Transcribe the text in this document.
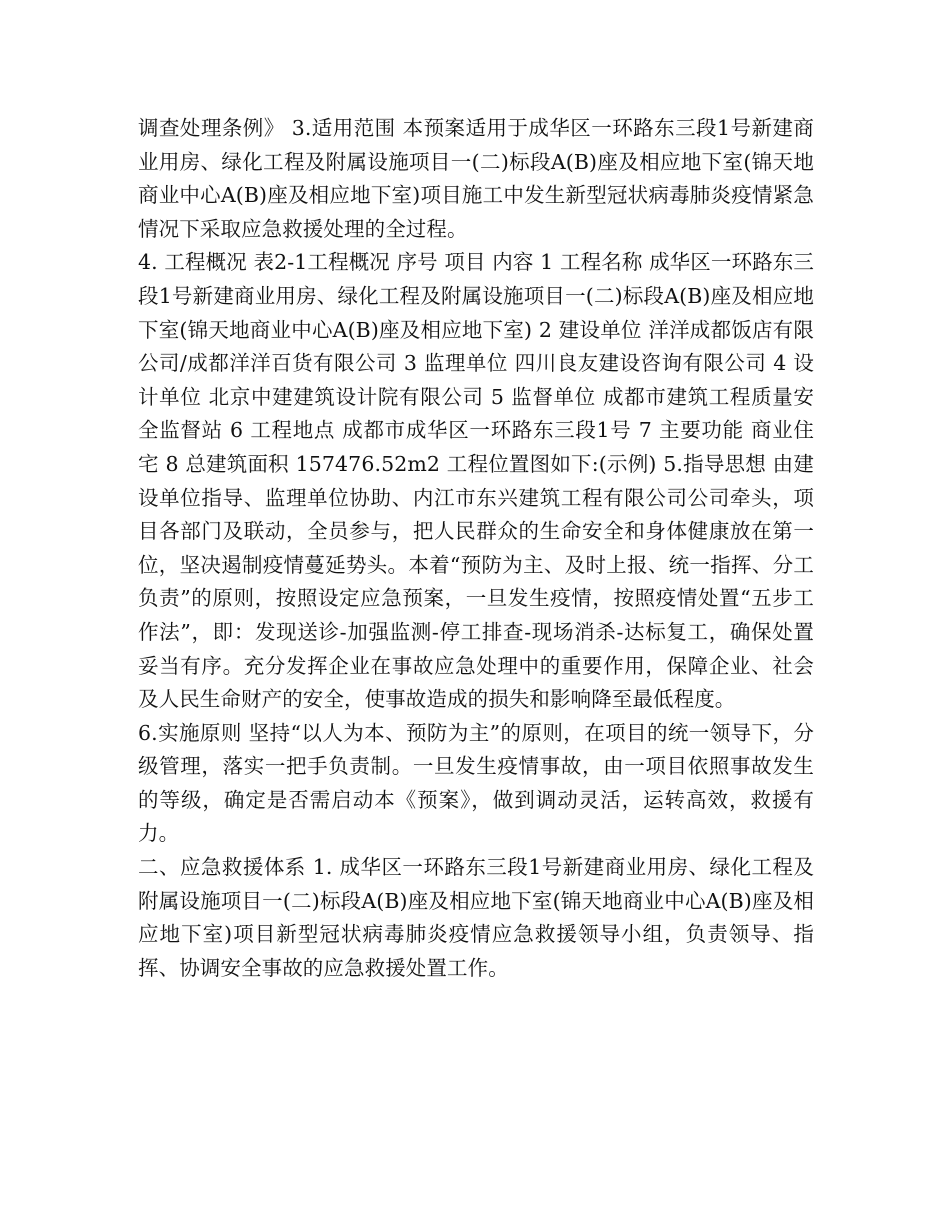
调查处理条例》 3.适用范围 本预案适用于成华区一环路东三段1号新建商业用房、绿化工程及附属设施项目一(二)标段A(B)座及相应地下室(锦天地商业中心A(B)座及相应地下室)项目施工中发生新型冠状病毒肺炎疫情紧急情况下采取应急救援处理的全过程。

4. 工程概况 表2-1工程概况 序号 项目 内容 1 工程名称 成华区一环路东三段1号新建商业用房、绿化工程及附属设施项目一(二)标段A(B)座及相应地下室(锦天地商业中心A(B)座及相应地下室) 2 建设单位 洋洋成都饭店有限公司/成都洋洋百货有限公司 3 监理单位 四川良友建设咨询有限公司 4 设计单位 北京中建建筑设计院有限公司 5 监督单位 成都市建筑工程质量安全监督站 6 工程地点 成都市成华区一环路东三段1号 7 主要功能 商业住宅 8 总建筑面积 157476.52m2 工程位置图如下:(示例) 5.指导思想 由建设单位指导、监理单位协助、内江市东兴建筑工程有限公司公司牵头，项目各部门及联动，全员参与，把人民群众的生命安全和身体健康放在第一位，坚决遏制疫情蔓延势头。本着“预防为主、及时上报、统一指挥、分工负责”的原则，按照设定应急预案，一旦发生疫情，按照疫情处置“五步工作法”，即：发现送诊-加强监测-停工排查-现场消杀-达标复工，确保处置妥当有序。充分发挥企业在事故应急处理中的重要作用，保障企业、社会及人民生命财产的安全，使事故造成的损失和影响降至最低程度。

6.实施原则 坚持“以人为本、预防为主”的原则，在项目的统一领导下，分级管理，落实一把手负责制。一旦发生疫情事故，由一项目依照事故发生的等级，确定是否需启动本《预案》，做到调动灵活，运转高效，救援有力。

二、应急救援体系 1. 成华区一环路东三段1号新建商业用房、绿化工程及附属设施项目一(二)标段A(B)座及相应地下室(锦天地商业中心A(B)座及相应地下室)项目新型冠状病毒肺炎疫情应急救援领导小组，负责领导、指挥、协调安全事故的应急救援处置工作。
